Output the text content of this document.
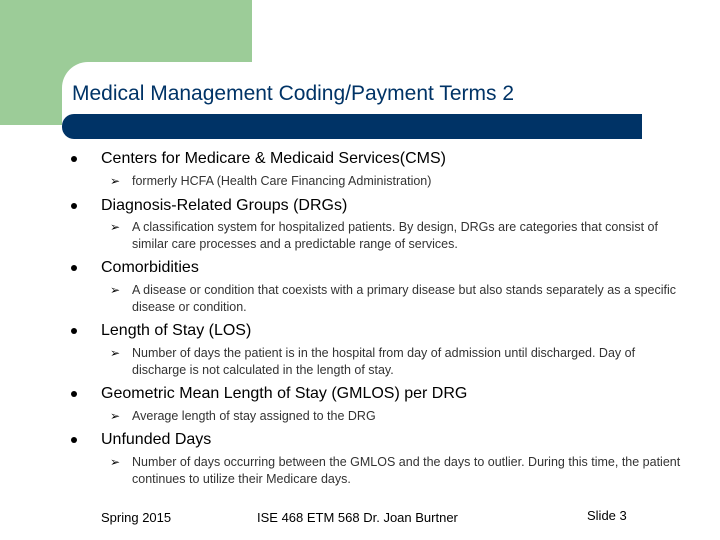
Medical Management Coding/Payment Terms 2
Centers for Medicare & Medicaid Services(CMS)
➢ formerly HCFA (Health Care Financing Administration)
Diagnosis-Related Groups (DRGs)
➢ A classification system for hospitalized patients. By design, DRGs are categories that consist of similar care processes and a predictable range of services.
Comorbidities
➢ A disease or condition that coexists with a primary disease but also stands separately as a specific disease or condition.
Length of Stay (LOS)
➢ Number of days the patient is in the hospital from day of admission until discharged. Day of discharge is not calculated in the length of stay.
Geometric Mean Length of Stay (GMLOS) per DRG
➢ Average length of stay assigned to the DRG
Unfunded Days
➢ Number of days occurring between the GMLOS and the days to outlier. During this time, the patient continues to utilize their Medicare days.
Spring 2015	ISE 468 ETM 568 Dr. Joan Burtner	Slide 3
